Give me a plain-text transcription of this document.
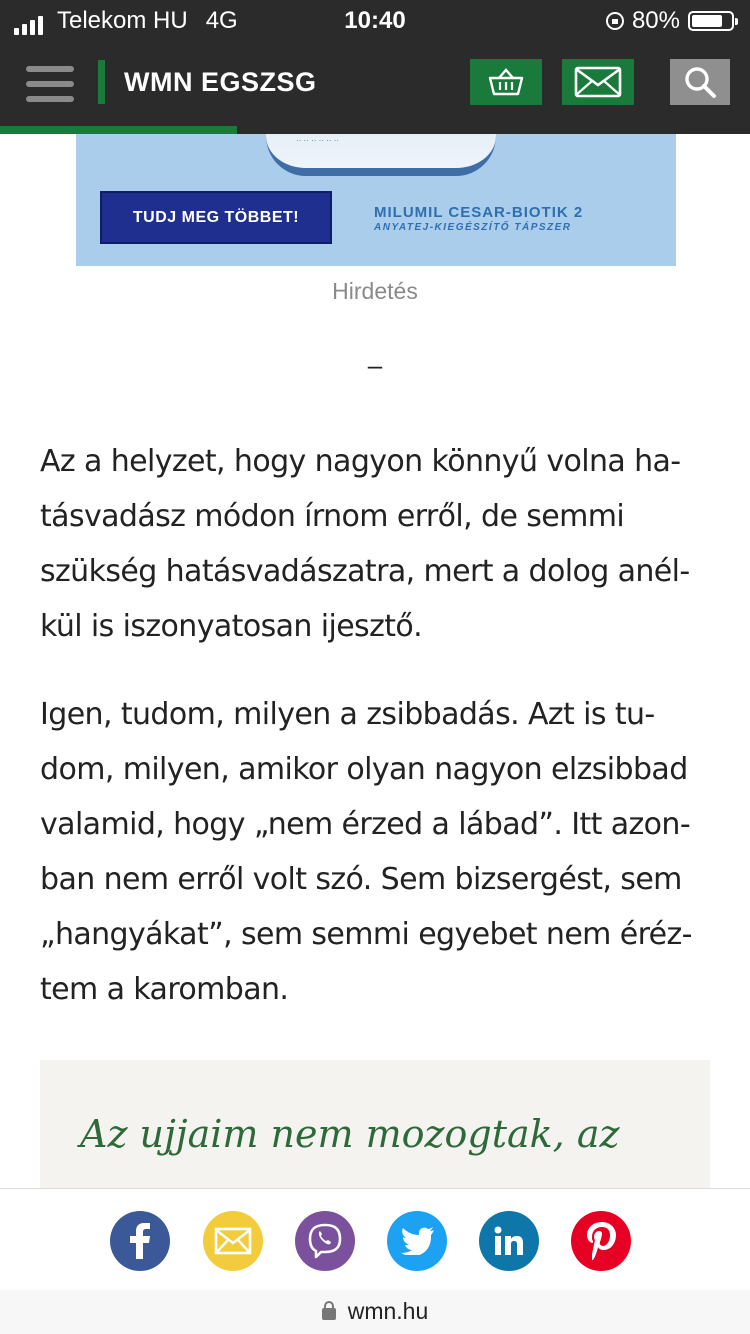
Telekom HU 4G	10:40	80%
WMN EGSZSG
·· ·· ·· ·· ·· ··
TUDJ MEG TÖBBET!	MILUMIL CESAR-BIOTIK 2
ANYATEJ-KIEGÉSZÍTŐ TÁPSZER
Hirdetés
–

Az a helyzet, hogy nagyon könnyű volna ha-
tásvadász módon írnom erről, de semmi
szükség hatásvadászatra, mert a dolog anél-
kül is iszonyatosan ijesztő.

Igen, tudom, milyen a zsibbadás. Azt is tu-
dom, milyen, amikor olyan nagyon elzsibbad
valamid, hogy „nem érzed a lábad”. Itt azon-
ban nem erről volt szó. Sem bizsergést, sem
„hangyákat”, sem semmi egyebet nem éréz-
tem a karomban.

Az ujjaim nem mozogtak, az
wmn.hu
